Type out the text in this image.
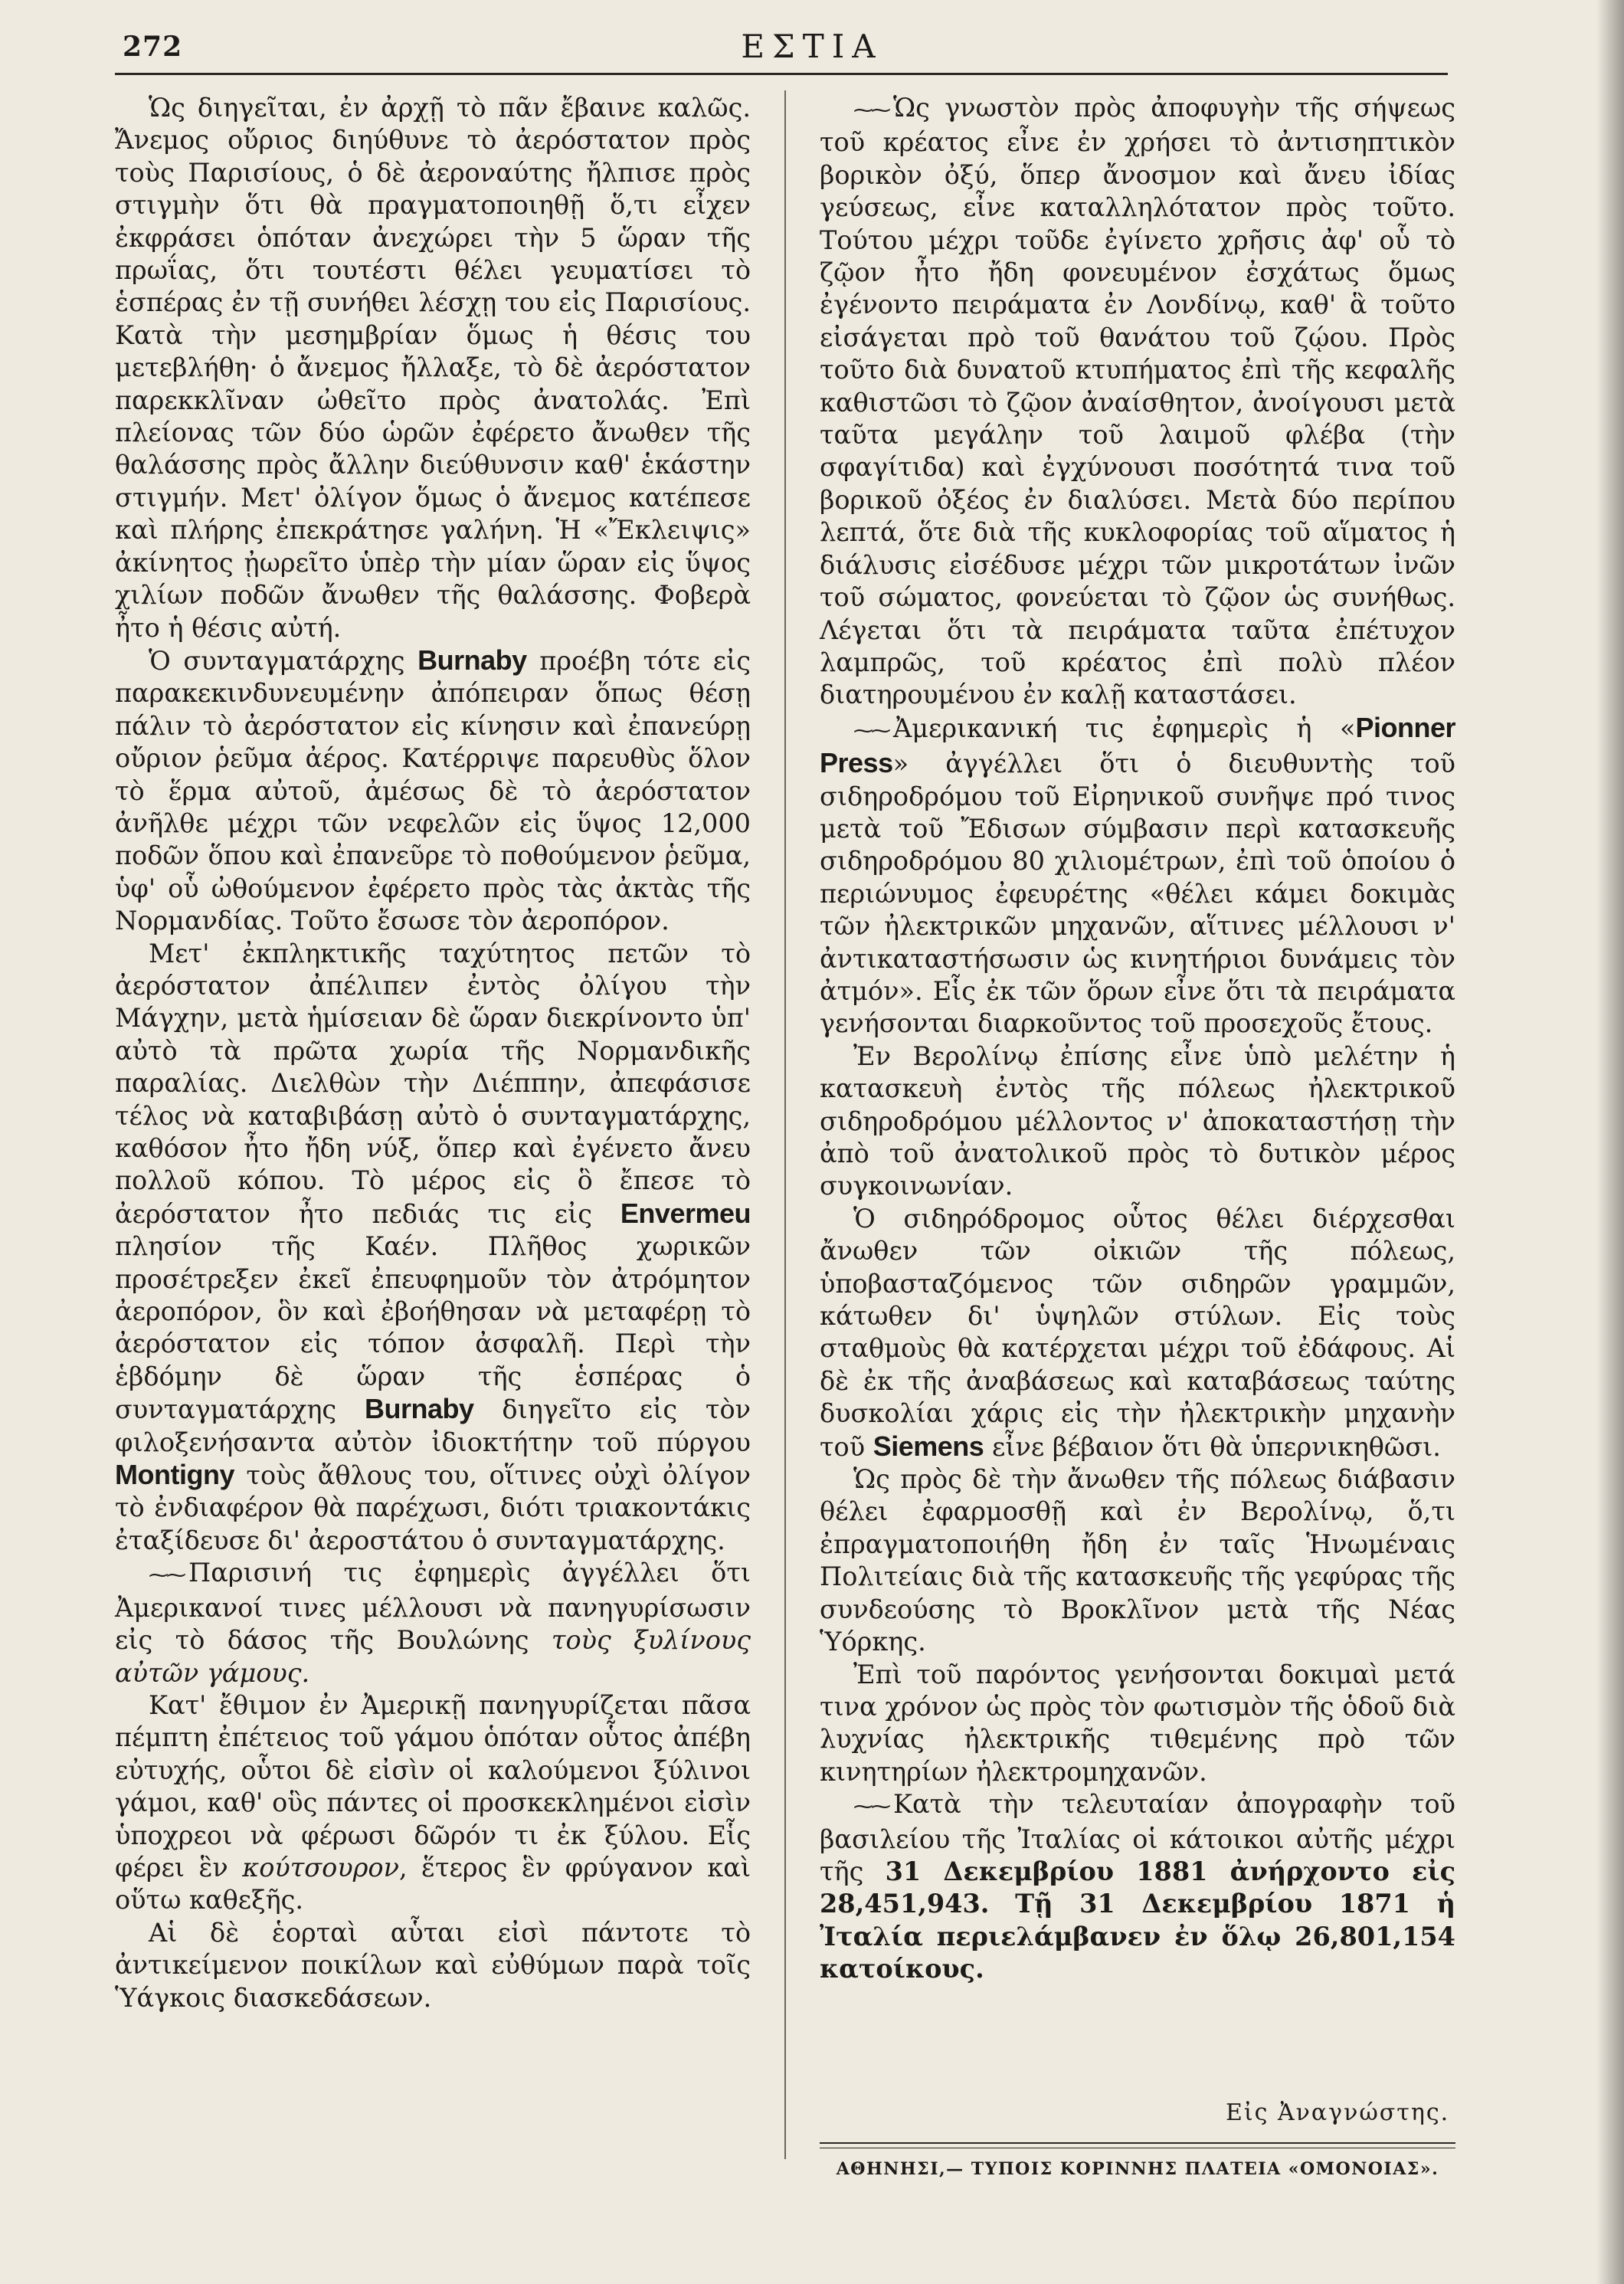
272	ΕΣΤΙΑ

Ὡς διηγεῖται, ἐν ἀρχῇ τὸ πᾶν ἔβαινε καλῶς. Ἄνεμος οὔριος διηύθυνε τὸ ἀερόστατον πρὸς τοὺς Παρισίους, ὁ δὲ ἀεροναύτης ἤλπισε πρὸς στιγμὴν ὅτι θὰ πραγματοποιηθῇ ὅ,τι εἶχεν ἐκφράσει ὁπόταν ἀνεχώρει τὴν 5 ὥραν τῆς πρωΐας, ὅτι τουτέστι θέλει γευματίσει τὸ ἑσπέρας ἐν τῇ συνήθει λέσχῃ του εἰς Παρισίους. Κατὰ τὴν μεσημβρίαν ὅμως ἡ θέσις του μετεβλήθη· ὁ ἄνεμος ἤλλαξε, τὸ δὲ ἀερόστατον παρεκκλῖναν ὠθεῖτο πρὸς ἀνατολάς. Ἐπὶ πλείονας τῶν δύο ὡρῶν ἐφέρετο ἄνωθεν τῆς θαλάσσης πρὸς ἄλλην διεύθυνσιν καθ' ἑκάστην στιγμήν. Μετ' ὀλίγον ὅμως ὁ ἄνεμος κατέπεσε καὶ πλήρης ἐπεκράτησε γαλήνη. Ἡ «Ἔκλειψις» ἀκίνητος ᾐωρεῖτο ὑπὲρ τὴν μίαν ὥραν εἰς ὕψος χιλίων ποδῶν ἄνωθεν τῆς θαλάσσης. Φοβερὰ ἦτο ἡ θέσις αὐτή.

Ὁ συνταγματάρχης Burnaby προέβη τότε εἰς παρακεκινδυνευμένην ἀπόπειραν ὅπως θέσῃ πάλιν τὸ ἀερόστατον εἰς κίνησιν καὶ ἐπανεύρῃ οὔριον ῥεῦμα ἀέρος. Κατέρριψε παρευθὺς ὅλον τὸ ἕρμα αὐτοῦ, ἀμέσως δὲ τὸ ἀερόστατον ἀνῆλθε μέχρι τῶν νεφελῶν εἰς ὕψος 12,000 ποδῶν ὅπου καὶ ἐπανεῦρε τὸ ποθούμενον ῥεῦμα, ὑφ' οὗ ὠθούμενον ἐφέρετο πρὸς τὰς ἀκτὰς τῆς Νορμανδίας. Τοῦτο ἔσωσε τὸν ἀεροπόρον.

Μετ' ἐκπληκτικῆς ταχύτητος πετῶν τὸ ἀερόστατον ἀπέλιπεν ἐντὸς ὀλίγου τὴν Μάγχην, μετὰ ἡμίσειαν δὲ ὥραν διεκρίνοντο ὑπ' αὐτὸ τὰ πρῶτα χωρία τῆς Νορμανδικῆς παραλίας. Διελθὼν τὴν Διέππην, ἀπεφάσισε τέλος νὰ καταβιβάσῃ αὐτὸ ὁ συνταγματάρχης, καθόσον ἦτο ἤδη νύξ, ὅπερ καὶ ἐγένετο ἄνευ πολλοῦ κόπου. Τὸ μέρος εἰς ὃ ἔπεσε τὸ ἀερόστατον ἦτο πεδιάς τις εἰς Envermeu πλησίον τῆς Καέν. Πλῆθος χωρικῶν προσέτρεξεν ἐκεῖ ἐπευφημοῦν τὸν ἀτρόμητον ἀεροπόρον, ὃν καὶ ἐβοήθησαν νὰ μεταφέρῃ τὸ ἀερόστατον εἰς τόπον ἀσφαλῆ. Περὶ τὴν ἑβδόμην δὲ ὥραν τῆς ἑσπέρας ὁ συνταγματάρχης Burnaby διηγεῖτο εἰς τὸν φιλοξενήσαντα αὐτὸν ἰδιοκτήτην τοῦ πύργου Montigny τοὺς ἄθλους του, οἵτινες οὐχὶ ὀλίγον τὸ ἐνδιαφέρον θὰ παρέχωσι, διότι τριακοντάκις ἐταξίδευσε δι' ἀεροστάτου ὁ συνταγματάρχης.

⁓⁓ Παρισινή τις ἐφημερὶς ἀγγέλλει ὅτι Ἀμερικανοί τινες μέλλουσι νὰ πανηγυρίσωσιν εἰς τὸ δάσος τῆς Βουλώνης τοὺς ξυλίνους αὐτῶν γάμους.

Κατ' ἔθιμον ἐν Ἀμερικῇ πανηγυρίζεται πᾶσα πέμπτη ἐπέτειος τοῦ γάμου ὁπόταν οὗτος ἀπέβη εὐτυχής, οὗτοι δὲ εἰσὶν οἱ καλούμενοι ξύλινοι γάμοι, καθ' οὓς πάντες οἱ προσκεκλημένοι εἰσὶν ὑποχρεοι νὰ φέρωσι δῶρόν τι ἐκ ξύλου. Εἷς φέρει ἓν κούτσουρον, ἕτερος ἓν φρύγανον καὶ οὕτω καθεξῆς.

Αἱ δὲ ἑορταὶ αὗται εἰσὶ πάντοτε τὸ ἀντικείμενον ποικίλων καὶ εὐθύμων παρὰ τοῖς Ὑάγκοις διασκεδάσεων.

⁓⁓ Ὡς γνωστὸν πρὸς ἀποφυγὴν τῆς σήψεως τοῦ κρέατος εἶνε ἐν χρήσει τὸ ἀντισηπτικὸν βορικὸν ὀξύ, ὅπερ ἄνοσμον καὶ ἄνευ ἰδίας γεύσεως, εἶνε καταλληλότατον πρὸς τοῦτο. Τούτου μέχρι τοῦδε ἐγίνετο χρῆσις ἀφ' οὗ τὸ ζῷον ἦτο ἤδη φονευμένον ἐσχάτως ὅμως ἐγένοντο πειράματα ἐν Λονδίνῳ, καθ' ἃ τοῦτο εἰσάγεται πρὸ τοῦ θανάτου τοῦ ζῴου. Πρὸς τοῦτο διὰ δυνατοῦ κτυπήματος ἐπὶ τῆς κεφαλῆς καθιστῶσι τὸ ζῷον ἀναίσθητον, ἀνοίγουσι μετὰ ταῦτα μεγάλην τοῦ λαιμοῦ φλέβα (τὴν σφαγίτιδα) καὶ ἐγχύνουσι ποσότητά τινα τοῦ βορικοῦ ὀξέος ἐν διαλύσει. Μετὰ δύο περίπου λεπτά, ὅτε διὰ τῆς κυκλοφορίας τοῦ αἵματος ἡ διάλυσις εἰσέδυσε μέχρι τῶν μικροτάτων ἰνῶν τοῦ σώματος, φονεύεται τὸ ζῷον ὡς συνήθως. Λέγεται ὅτι τὰ πειράματα ταῦτα ἐπέτυχον λαμπρῶς, τοῦ κρέατος ἐπὶ πολὺ πλέον διατηρουμένου ἐν καλῇ καταστάσει.

⁓⁓ Ἀμερικανική τις ἐφημερὶς ἡ «Pionner Press» ἀγγέλλει ὅτι ὁ διευθυντὴς τοῦ σιδηροδρόμου τοῦ Εἰρηνικοῦ συνῆψε πρό τινος μετὰ τοῦ Ἔδισων σύμβασιν περὶ κατασκευῆς σιδηροδρόμου 80 χιλιομέτρων, ἐπὶ τοῦ ὁποίου ὁ περιώνυμος ἐφευρέτης «θέλει κάμει δοκιμὰς τῶν ἠλεκτρικῶν μηχανῶν, αἵτινες μέλλουσι ν' ἀντικαταστήσωσιν ὡς κινητήριοι δυνάμεις τὸν ἀτμόν». Εἷς ἐκ τῶν ὅρων εἶνε ὅτι τὰ πειράματα γενήσονται διαρκοῦντος τοῦ προσεχοῦς ἔτους.

Ἐν Βερολίνῳ ἐπίσης εἶνε ὑπὸ μελέτην ἡ κατασκευὴ ἐντὸς τῆς πόλεως ἠλεκτρικοῦ σιδηροδρόμου μέλλοντος ν' ἀποκαταστήσῃ τὴν ἀπὸ τοῦ ἀνατολικοῦ πρὸς τὸ δυτικὸν μέρος συγκοινωνίαν.

Ὁ σιδηρόδρομος οὗτος θέλει διέρχεσθαι ἄνωθεν τῶν οἰκιῶν τῆς πόλεως, ὑποβασταζόμενος τῶν σιδηρῶν γραμμῶν, κάτωθεν δι' ὑψηλῶν στύλων. Εἰς τοὺς σταθμοὺς θὰ κατέρχεται μέχρι τοῦ ἐδάφους. Αἱ δὲ ἐκ τῆς ἀναβάσεως καὶ καταβάσεως ταύτης δυσκολίαι χάρις εἰς τὴν ἠλεκτρικὴν μηχανὴν τοῦ Siemens εἶνε βέβαιον ὅτι θὰ ὑπερνικηθῶσι.

Ὡς πρὸς δὲ τὴν ἄνωθεν τῆς πόλεως διάβασιν θέλει ἐφαρμοσθῇ καὶ ἐν Βερολίνῳ, ὅ,τι ἐπραγματοποιήθη ἤδη ἐν ταῖς Ἡνωμέναις Πολιτείαις διὰ τῆς κατασκευῆς τῆς γεφύρας τῆς συνδεούσης τὸ Βροκλῖνον μετὰ τῆς Νέας Ὑόρκης.

Ἐπὶ τοῦ παρόντος γενήσονται δοκιμαὶ μετά τινα χρόνον ὡς πρὸς τὸν φωτισμὸν τῆς ὁδοῦ διὰ λυχνίας ἠλεκτρικῆς τιθεμένης πρὸ τῶν κινητηρίων ἠλεκτρομηχανῶν.

⁓⁓ Κατὰ τὴν τελευταίαν ἀπογραφὴν τοῦ βασιλείου τῆς Ἰταλίας οἱ κάτοικοι αὐτῆς μέχρι τῆς 31 Δεκεμβρίου 1881 ἀνήρχοντο εἰς 28,451,943. Τῇ 31 Δεκεμβρίου 1871 ἡ Ἰταλία περιελάμβανεν ἐν ὅλῳ 26,801,154 κατοίκους.

Εἰς Ἀναγνώστης.
ΑΘΗΝΗΣΙ,— ΤΥΠΟΙΣ ΚΟΡΙΝΝΗΣ ΠΛΑΤΕΙΑ «ΟΜΟΝΟΙΑΣ».
